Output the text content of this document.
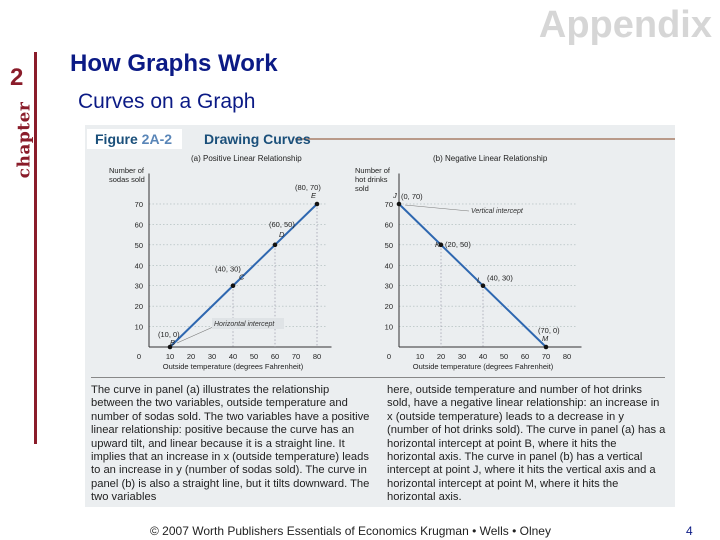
Appendix
2
chapter
How Graphs Work
Curves on a Graph
Figure 2A-2	Drawing Curves
(a) Positive Linear Relationship
Number of
sodas sold
10
20
30
40
50
60
70
0	10 20 30 40 50 60 70 80
Outside temperature (degrees Fahrenheit)
(10, 0)
B
(40, 30)
C
(60, 50)
D
(80, 70)
E
Horizontal intercept
(b) Negative Linear Relationship
Number of
hot drinks
sold
10
20
30
40
50
60
70
0	10 20 30 40 50 60 70 80
Outside temperature (degrees Fahrenheit)
(0, 70)
J
(20, 50)
K
(40, 30)
L
(70, 0)
M
Vertical intercept
The curve in panel (a) illustrates the relationship between the two variables, outside temperature and number of sodas sold. The two variables have a positive linear relationship: positive because the curve has an upward tilt, and linear because it is a straight line. It implies that an increase in x (outside temperature) leads to an increase in y (number of sodas sold). The curve in panel (b) is also a straight line, but it tilts downward. The two variables
here, outside temperature and number of hot drinks sold, have a negative linear relationship: an increase in x (outside temperature) leads to a decrease in y (number of hot drinks sold). The curve in panel (a) has a horizontal intercept at point B, where it hits the horizontal axis. The curve in panel (b) has a vertical intercept at point J, where it hits the vertical axis and a horizontal intercept at point M, where it hits the horizontal axis.
© 2007 Worth Publishers Essentials of Economics Krugman • Wells • Olney	4
